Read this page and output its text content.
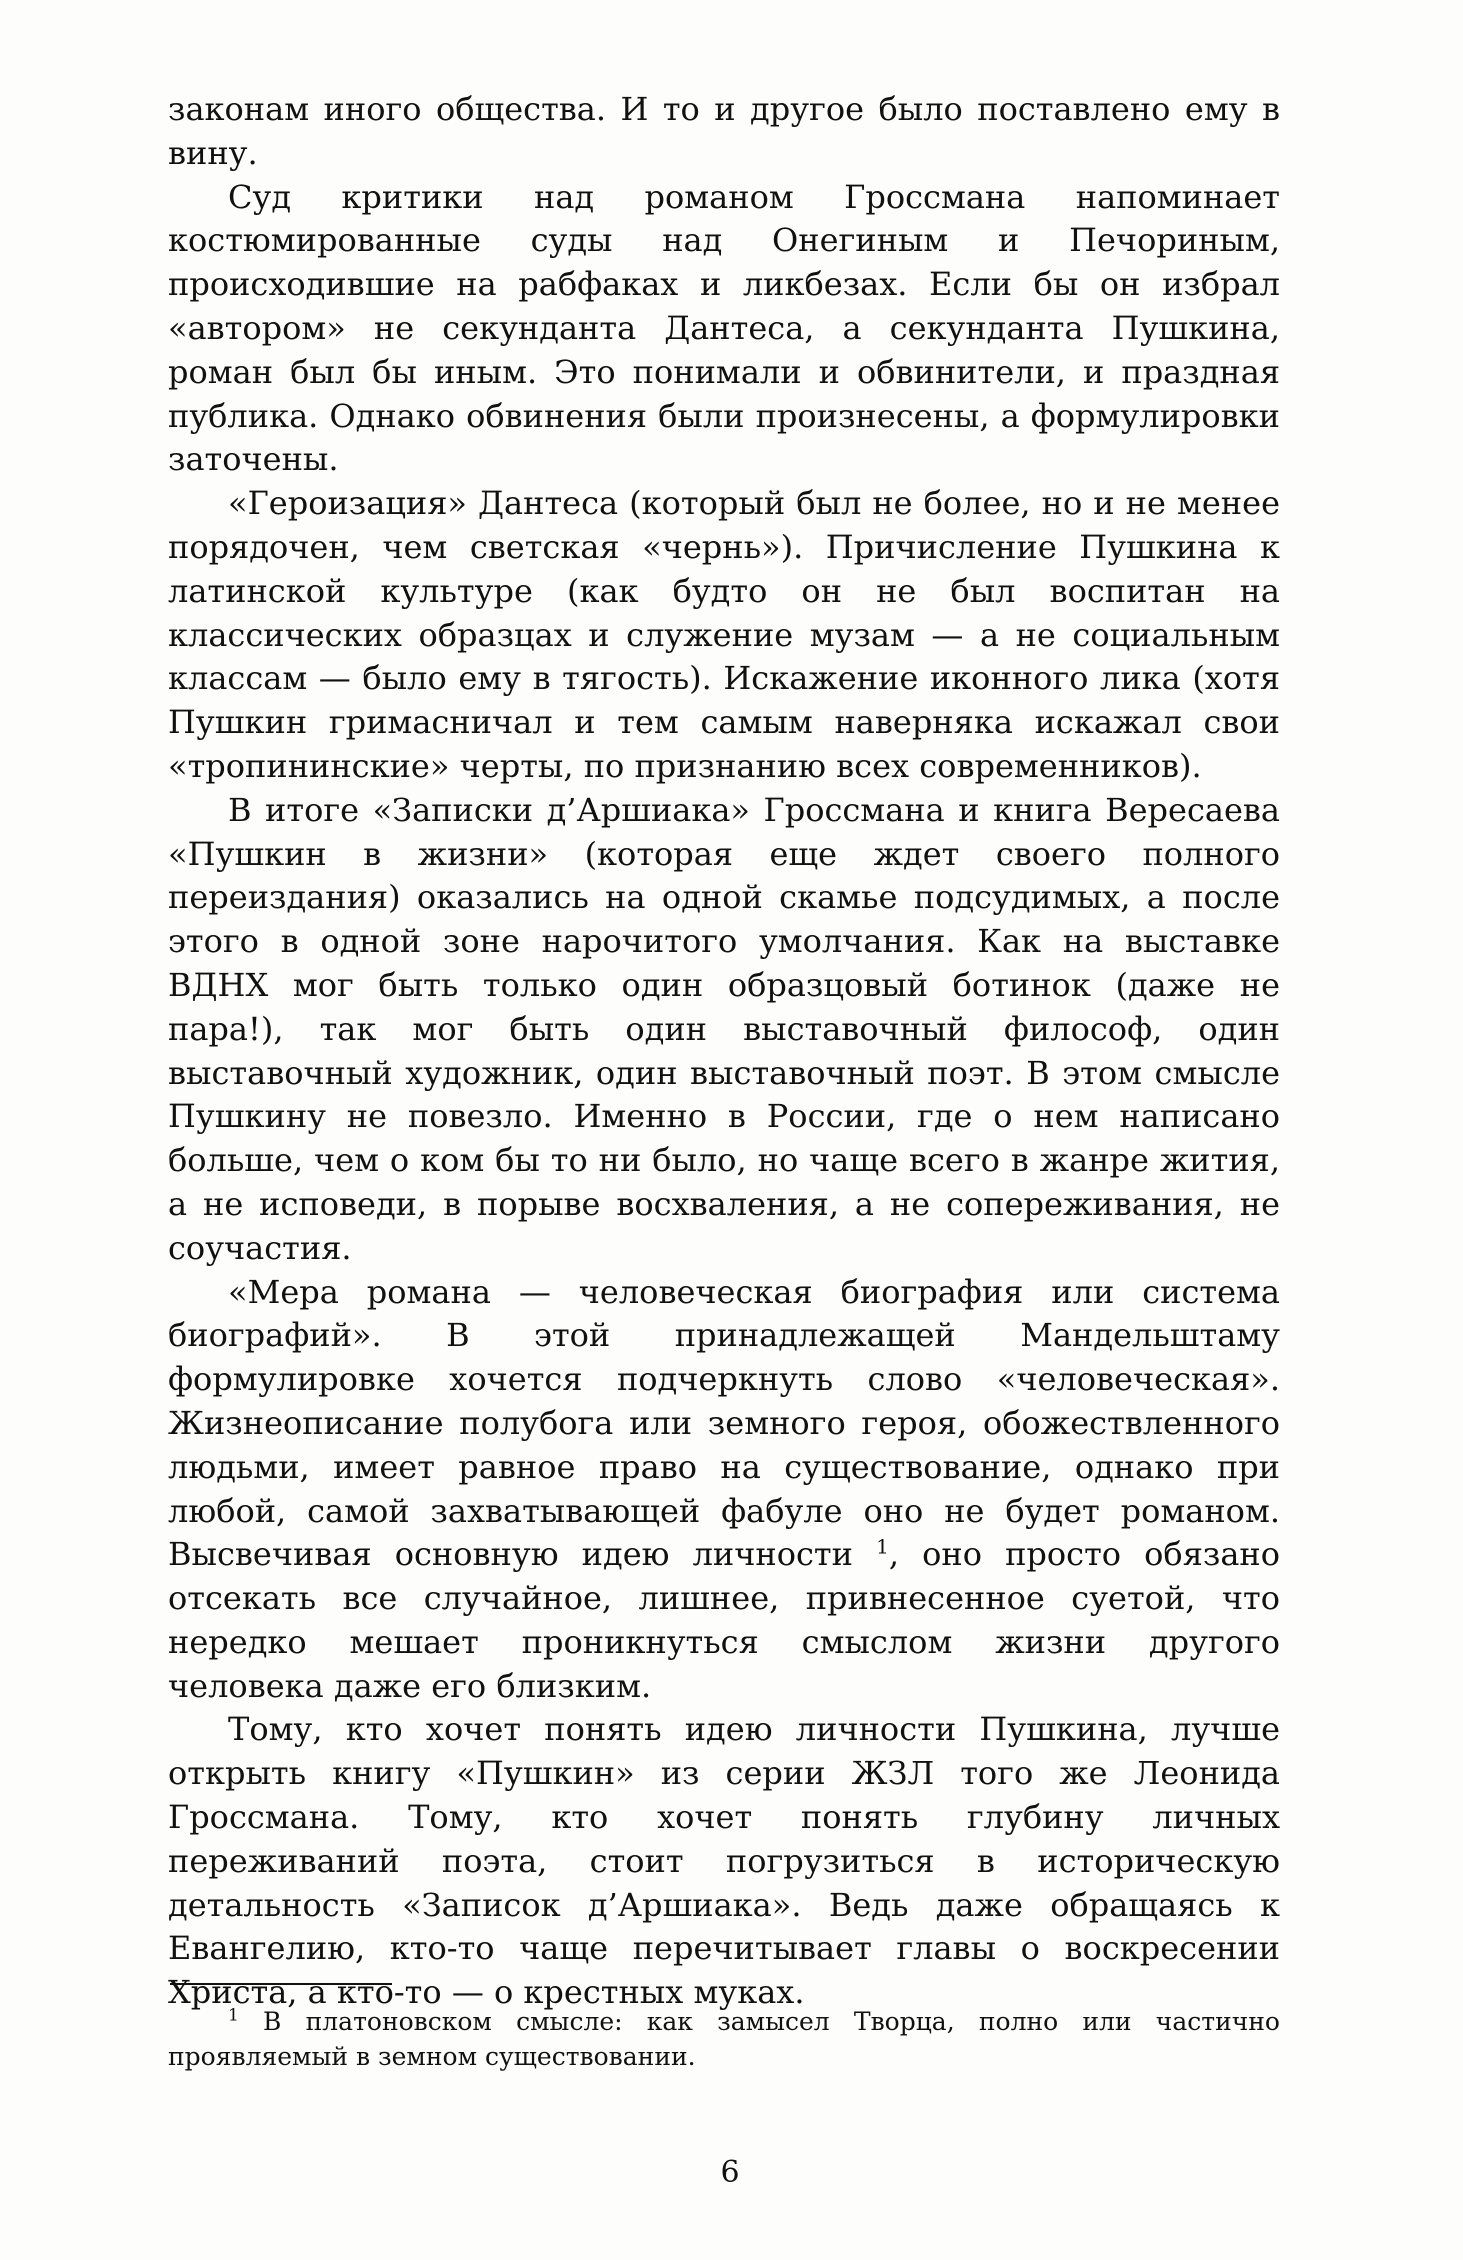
законам иного общества. И то и другое было поставлено ему в вину.

Суд критики над романом Гроссмана напоминает костюмированные суды над Онегиным и Печориным, происходившие на рабфаках и ликбезах. Если бы он избрал «автором» не секунданта Дантеса, а секунданта Пушкина, роман был бы иным. Это понимали и обвинители, и праздная публика. Однако обвинения были произнесены, а формулировки заточены.

«Героизация» Дантеса (который был не более, но и не менее порядочен, чем светская «чернь»). Причисление Пушкина к латинской культуре (как будто он не был воспитан на классических образцах и служение музам — а не социальным классам — было ему в тягость). Искажение иконного лика (хотя Пушкин гримасничал и тем самым наверняка искажал свои «тропининские» черты, по признанию всех современников).

В итоге «Записки д’Аршиака» Гроссмана и книга Вересаева «Пушкин в жизни» (которая еще ждет своего полного переиздания) оказались на одной скамье подсудимых, а после этого в одной зоне нарочитого умолчания. Как на выставке ВДНХ мог быть только один образцовый ботинок (даже не пара!), так мог быть один выставочный философ, один выставочный художник, один выставочный поэт. В этом смысле Пушкину не повезло. Именно в России, где о нем написано больше, чем о ком бы то ни было, но чаще всего в жанре жития, а не исповеди, в порыве восхваления, а не сопереживания, не соучастия.

«Мера романа — человеческая биография или система биографий». В этой принадлежащей Мандельштаму формулировке хочется подчеркнуть слово «человеческая». Жизнеописание полубога или земного героя, обожествленного людьми, имеет равное право на существование, однако при любой, самой захватывающей фабуле оно не будет романом. Высвечивая основную идею личности $^1$, оно просто обязано отсекать все случайное, лишнее, привнесенное суетой, что нередко мешает проникнуться смыслом жизни другого человека даже его близким.

Тому, кто хочет понять идею личности Пушкина, лучше открыть книгу «Пушкин» из серии ЖЗЛ того же Леонида Гроссмана. Тому, кто хочет понять глубину личных переживаний поэта, стоит погрузиться в историческую детальность «Записок д’Аршиака». Ведь даже обращаясь к Евангелию, кто-то чаще перечитывает главы о воскресении Христа, а кто-то — о крестных муках.

$^1$ В платоновском смысле: как замысел Творца, полно или частично проявляемый в земном существовании.
6
